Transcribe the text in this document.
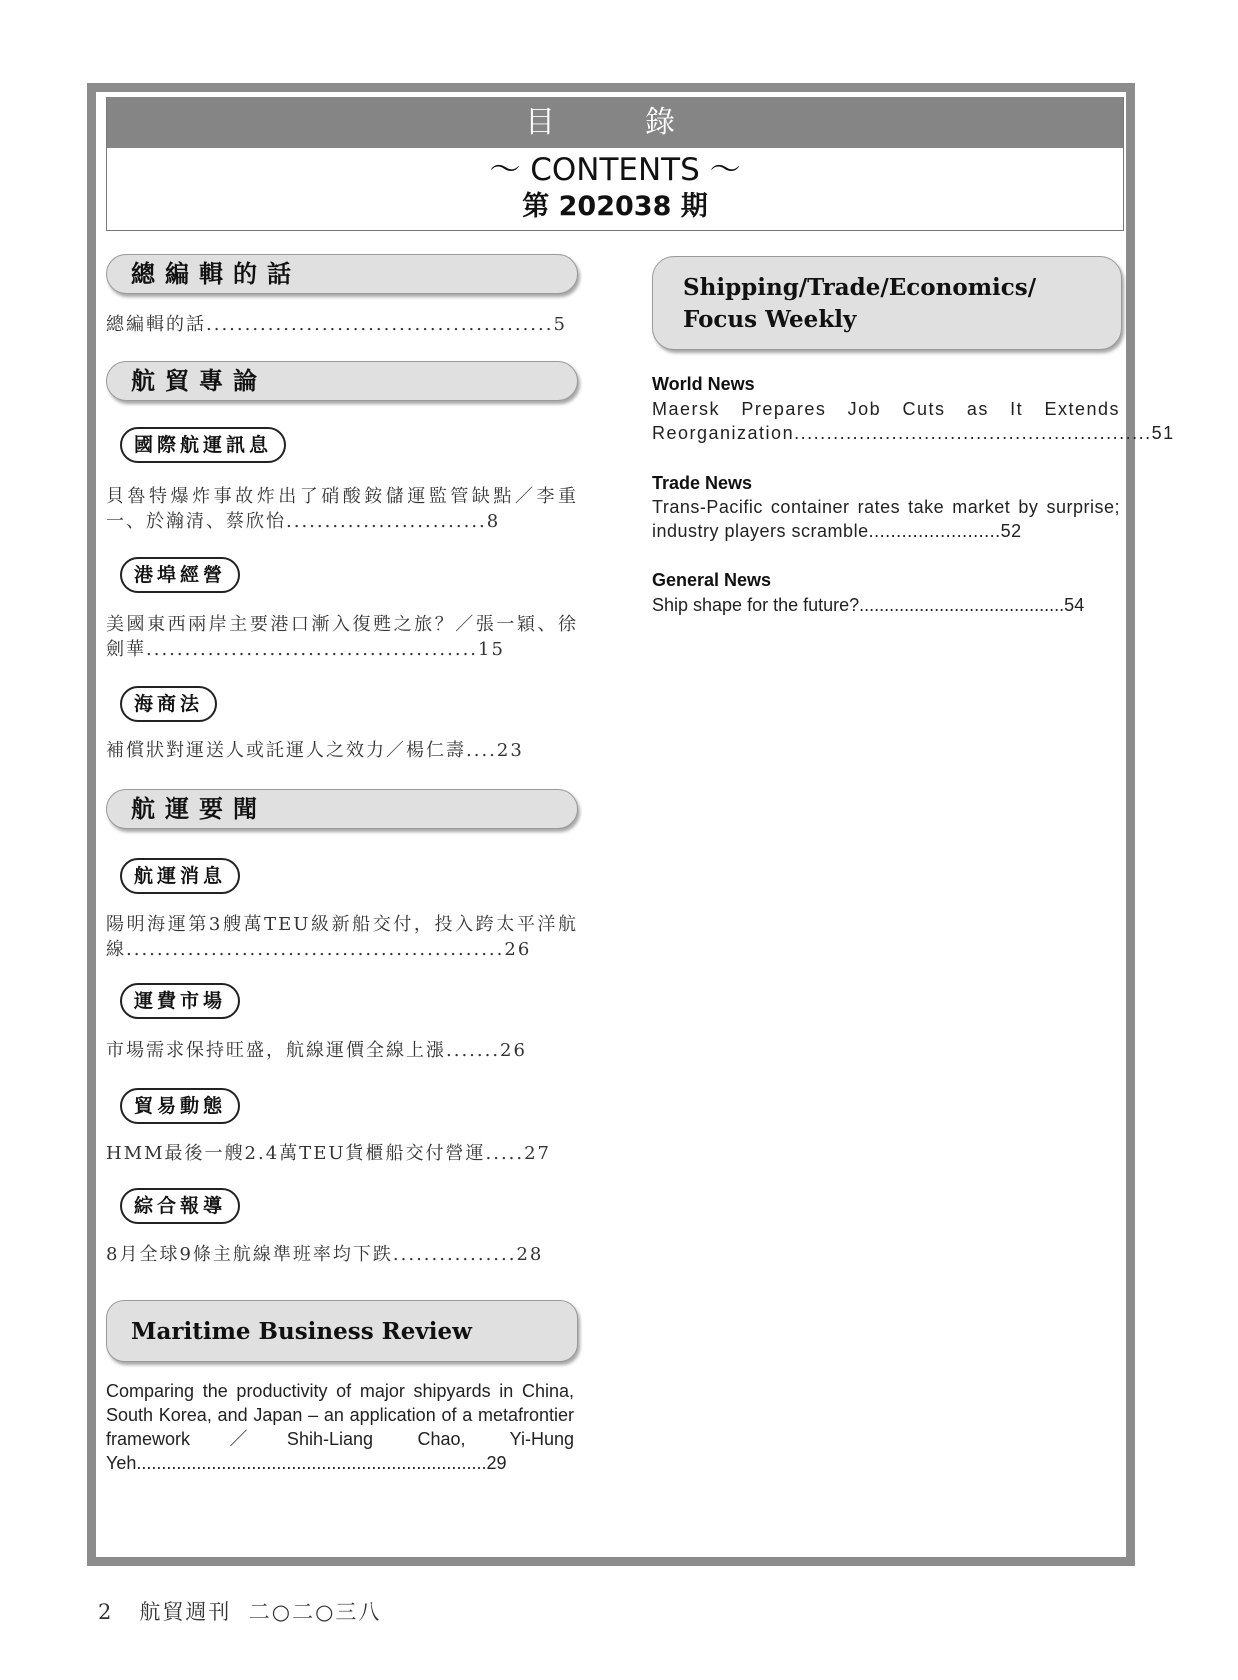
目　錄
～ CONTENTS ～
第 202038 期
總編輯的話
總編輯的話.............................................5
航貿專論
國際航運訊息
貝魯特爆炸事故炸出了硝酸銨儲運監管缺點／李重一、於瀚清、蔡欣怡..........................8
港埠經營
美國東西兩岸主要港口漸入復甦之旅？／張一穎、徐劍華...........................................15
海商法
補償狀對運送人或託運人之效力／楊仁壽....23
航運要聞
航運消息
陽明海運第3艘萬TEU級新船交付，投入跨太平洋航線.................................................26
運費市場
市場需求保持旺盛，航線運價全線上漲.......26
貿易動態
HMM最後一艘2.4萬TEU貨櫃船交付營運.....27
綜合報導
8月全球9條主航線準班率均下跌................28
Maritime Business Review
Comparing the productivity of major shipyards in China, South Korea, and Japan – an application of a metafrontier framework／Shih-Liang Chao, Yi-Hung Yeh......................................................................29
Shipping/Trade/Economics/
Focus Weekly
World News
Maersk Prepares Job Cuts as It Extends Reorganization.......................................................51
Trade News
Trans-Pacific container rates take market by surprise; industry players scramble........................52
General News
Ship shape for the future?.........................................54
2 航貿週刊 二○二○三八
